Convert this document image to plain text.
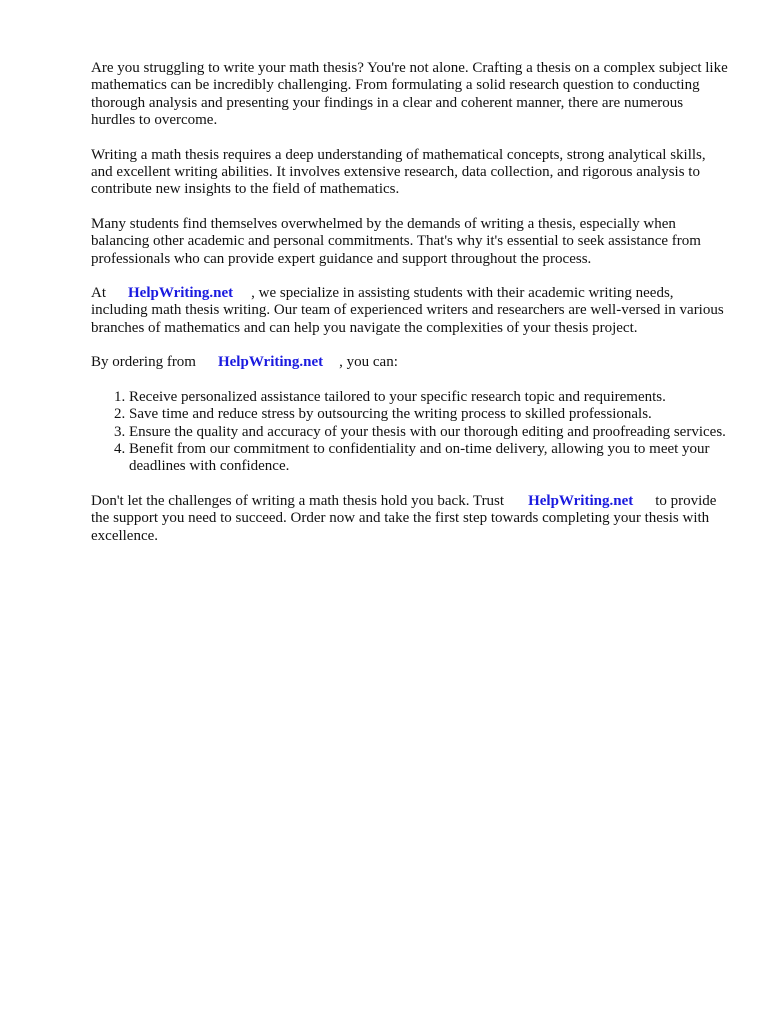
Are you struggling to write your math thesis? You're not alone. Crafting a thesis on a complex subject like mathematics can be incredibly challenging. From formulating a solid research question to conducting thorough analysis and presenting your findings in a clear and coherent manner, there are numerous hurdles to overcome.

Writing a math thesis requires a deep understanding of mathematical concepts, strong analytical skills, and excellent writing abilities. It involves extensive research, data collection, and rigorous analysis to contribute new insights to the field of mathematics.

Many students find themselves overwhelmed by the demands of writing a thesis, especially when balancing other academic and personal commitments. That's why it's essential to seek assistance from professionals who can provide expert guidance and support throughout the process.

At HelpWriting.net , we specialize in assisting students with their academic writing needs, including math thesis writing. Our team of experienced writers and researchers are well-versed in various branches of mathematics and can help you navigate the complexities of your thesis project.

By ordering from HelpWriting.net , you can:

1. Receive personalized assistance tailored to your specific research topic and requirements.
2. Save time and reduce stress by outsourcing the writing process to skilled professionals.
3. Ensure the quality and accuracy of your thesis with our thorough editing and proofreading services.
4. Benefit from our commitment to confidentiality and on-time delivery, allowing you to meet your deadlines with confidence.

Don't let the challenges of writing a math thesis hold you back. Trust HelpWriting.net to provide the support you need to succeed. Order now and take the first step towards completing your thesis with excellence.
